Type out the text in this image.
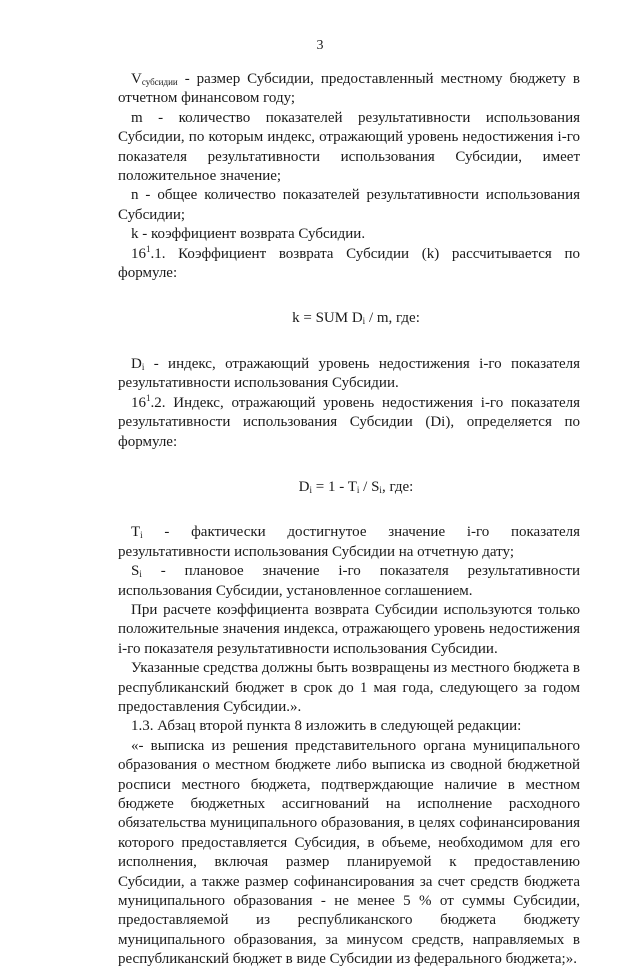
3

$V_{субсидии}$ - размер Субсидии, предоставленный местному бюджету в отчетном финансовом году;

m - количество показателей результативности использования Субсидии, по которым индекс, отражающий уровень недостижения i-го показателя результативности использования Субсидии, имеет положительное значение;

n - общее количество показателей результативности использования Субсидии;

k - коэффициент возврата Субсидии.

$16^1.1$. Коэффициент возврата Субсидии (k) рассчитывается по формуле:

k = SUM $D_i$ / m, где:

$D_i$ - индекс, отражающий уровень недостижения i-го показателя результативности использования Субсидии.

$16^1.2$. Индекс, отражающий уровень недостижения i-го показателя результативности использования Субсидии (Di), определяется по формуле:

$D_i = 1 - T_i / S_i$, где:

$T_i$ - фактически достигнутое значение i-го показателя результативности использования Субсидии на отчетную дату;

$S_i$ - плановое значение i-го показателя результативности использования Субсидии, установленное соглашением.

При расчете коэффициента возврата Субсидии используются только положительные значения индекса, отражающего уровень недостижения i-го показателя результативности использования Субсидии.

Указанные средства должны быть возвращены из местного бюджета в республиканский бюджет в срок до 1 мая года, следующего за годом предоставления Субсидии.».

1.3. Абзац второй пункта 8 изложить в следующей редакции:

«- выписка из решения представительного органа муниципального образования о местном бюджете либо выписка из сводной бюджетной росписи местного бюджета, подтверждающие наличие в местном бюджете бюджетных ассигнований на исполнение расходного обязательства муниципального образования, в целях софинансирования которого предоставляется Субсидия, в объеме, необходимом для его исполнения, включая размер планируемой к предоставлению Субсидии, а также размер софинансирования за счет средств бюджета муниципального образования - не менее 5 % от суммы Субсидии, предоставляемой из республиканского бюджета бюджету муниципального образования, за минусом средств, направляемых в республиканский бюджет в виде Субсидии из федерального бюджета;».
